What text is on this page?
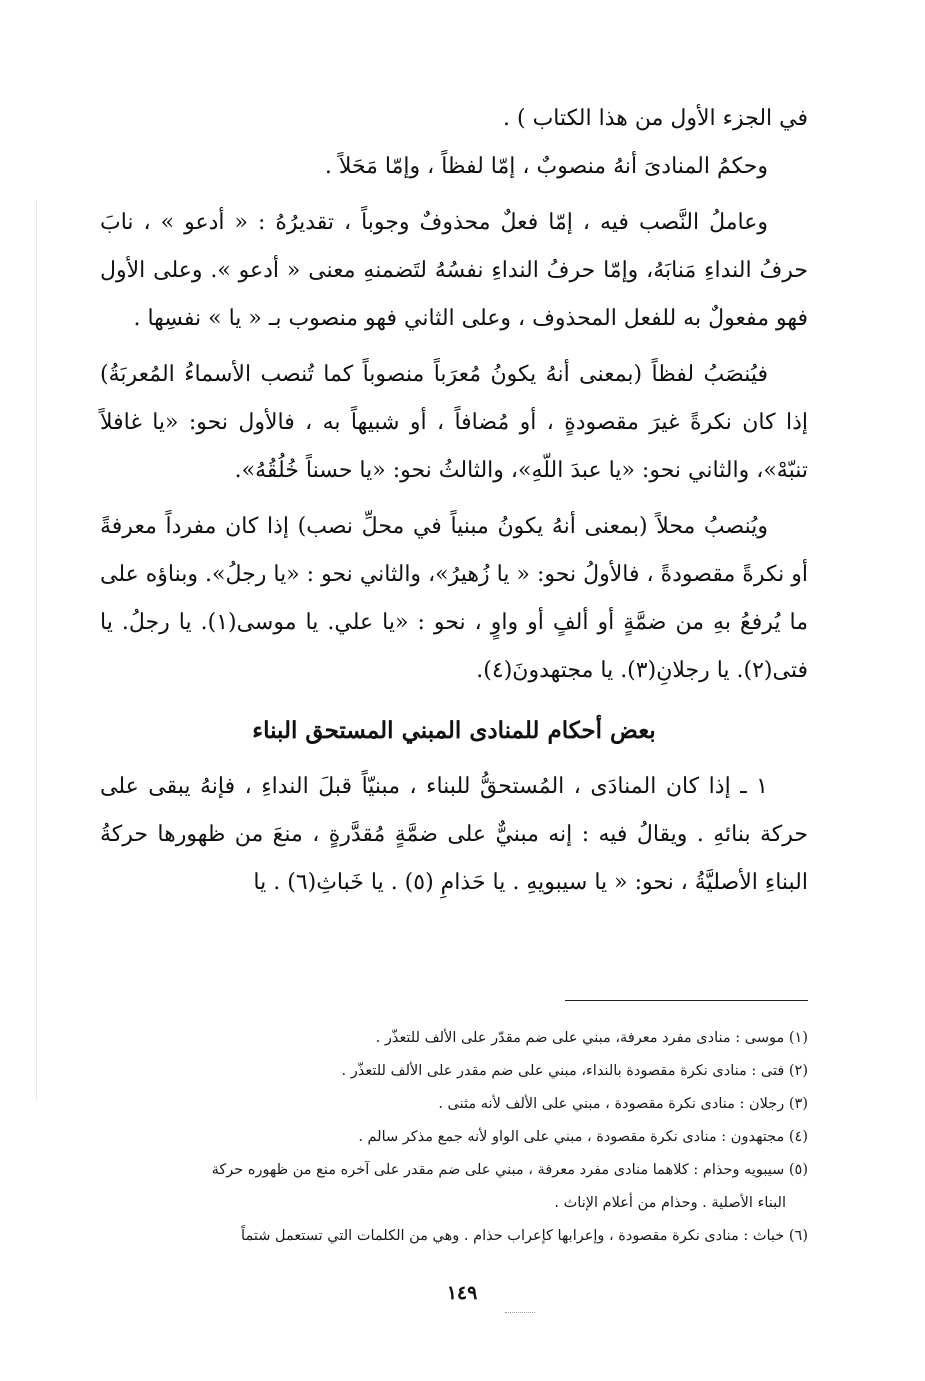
في الجزء الأول من هذا الكتاب ) .

وحكمُ المنادىَ أنهُ منصوبٌ ، إمّا لفظاً ، وإمّا مَحَلاً .

وعاملُ النَّصب فيه ، إمّا فعلٌ محذوفٌ وجوباً ، تقديرُهُ : « أدعو » ، نابَ حرفُ النداءِ مَنابَهُ، وإمّا حرفُ النداءِ نفسُهُ لتَضمنهِ معنى « أدعو ». وعلى الأول فهو مفعولٌ به للفعل المحذوف ، وعلى الثاني فهو منصوب بـ « يا » نفسِها .

فيُنصَبُ لفظاً (بمعنى أنهُ يكونُ مُعرَباً منصوباً كما تُنصب الأسماءُ المُعربَةُ) إذا كان نكرةً غيرَ مقصودةٍ ، أو مُضافاً ، أو شبيهاً به ، فالأول نحو: «يا غافلاً تنبّهْ»، والثاني نحو: «يا عبدَ اللّهِ»، والثالثُ نحو: «يا حسناً خُلُقُهُ».

ويُنصبُ محلاً (بمعنى أنهُ يكونُ مبنياً في محلِّ نصب) إذا كان مفرداً معرفةً أو نكرةً مقصودةً ، فالأولُ نحو: « يا زُهيرُ»، والثاني نحو : «يا رجلُ». وبناؤه على ما يُرفعُ بهِ من ضمَّةٍ أو ألفٍ أو واوٍ ، نحو : «يا علي. يا موسى(١). يا رجلُ. يا فتى(٢). يا رجلانِ(٣). يا مجتهدونَ(٤).

بعض أحكام للمنادى المبني المستحق البناء

١ ـ إذا كان المنادَى ، المُستحقُّ للبناء ، مبنيّاً قبلَ النداءِ ، فإنهُ يبقى على حركة بنائهِ . ويقالُ فيه : إنه مبنيٌّ على ضمَّةٍ مُقدَّرةٍ ، منعَ من ظهورها حركةُ البناءِ الأصليَّةُ ، نحو: « يا سيبويهِ . يا حَذامِ (٥) . يا خَباثِ(٦) . يا

(١) موسى : منادى مفرد معرفة، مبني على ضم مقدّر على الألف للتعذّر .

(٢) فتى : منادى نكرة مقصودة بالنداء، مبني على ضم مقدر على الألف للتعذّر .

(٣) رجلان : منادى نكرة مقصودة ، مبني على الألف لأنه مثنى .

(٤) مجتهدون : منادى نكرة مقصودة ، مبني على الواو لأنه جمع مذكر سالم .

(٥) سيبويه وحذام : كلاهما منادى مفرد معرفة ، مبني على ضم مقدر على آخره منع من ظهوره حركة

البناء الأصلية . وحذام من أعلام الإناث .

(٦) خباث : منادى نكرة مقصودة ، وإعرابها كإعراب حذام . وهي من الكلمات التي تستعمل شتماً

١٤٩
